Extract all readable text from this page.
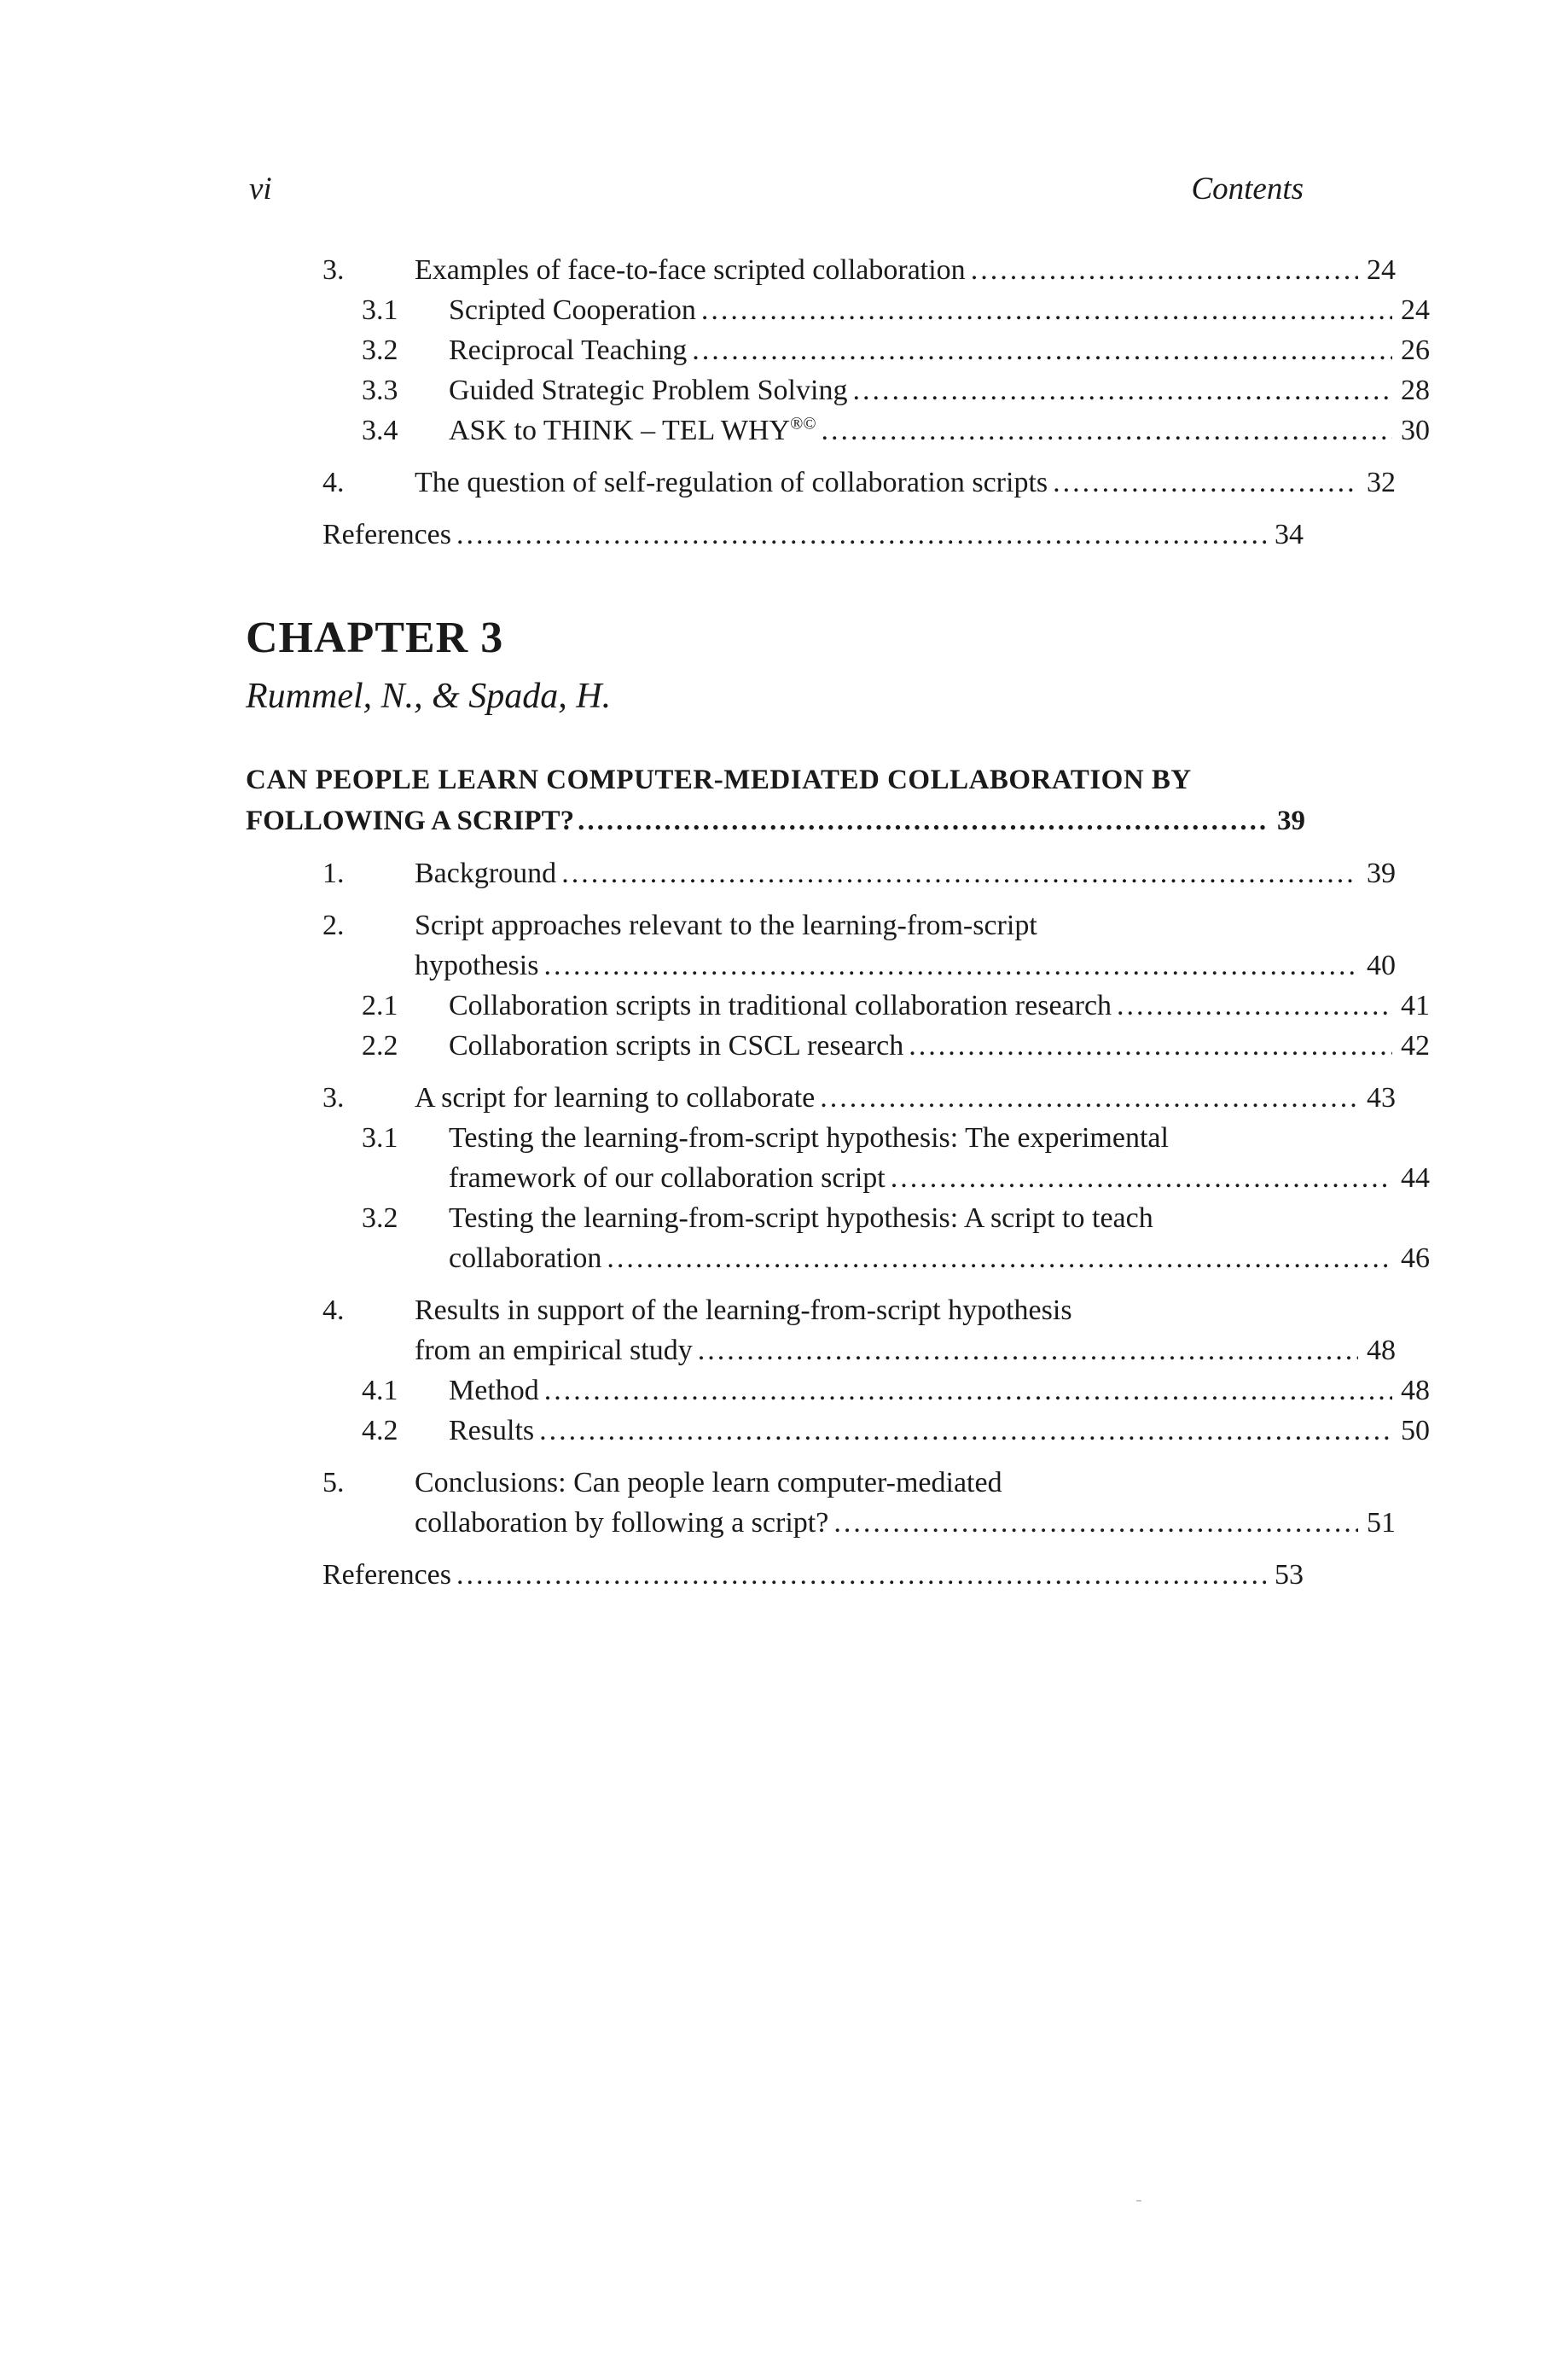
vi	Contents
3. Examples of face-to-face scripted collaboration .....	24
3.1 Scripted Cooperation .....	24
3.2 Reciprocal Teaching .....	26
3.3 Guided Strategic Problem Solving .....	28
3.4 ASK to THINK – TEL WHY®© .....	30
4. The question of self-regulation of collaboration scripts .....	32
References .....	34
CHAPTER 3
Rummel, N., & Spada, H.
CAN PEOPLE LEARN COMPUTER-MEDIATED COLLABORATION BY
FOLLOWING A SCRIPT? .....	39
1. Background .....	39
2. Script approaches relevant to the learning-from-script
hypothesis .....	40
2.1 Collaboration scripts in traditional collaboration research .....	41
2.2 Collaboration scripts in CSCL research .....	42
3. A script for learning to collaborate .....	43
3.1 Testing the learning-from-script hypothesis: The experimental
framework of our collaboration script .....	44
3.2 Testing the learning-from-script hypothesis: A script to teach
collaboration .....	46
4. Results in support of the learning-from-script hypothesis
from an empirical study .....	48
4.1 Method .....	48
4.2 Results .....	50
5. Conclusions: Can people learn computer-mediated
collaboration by following a script? .....	51
References .....	53
